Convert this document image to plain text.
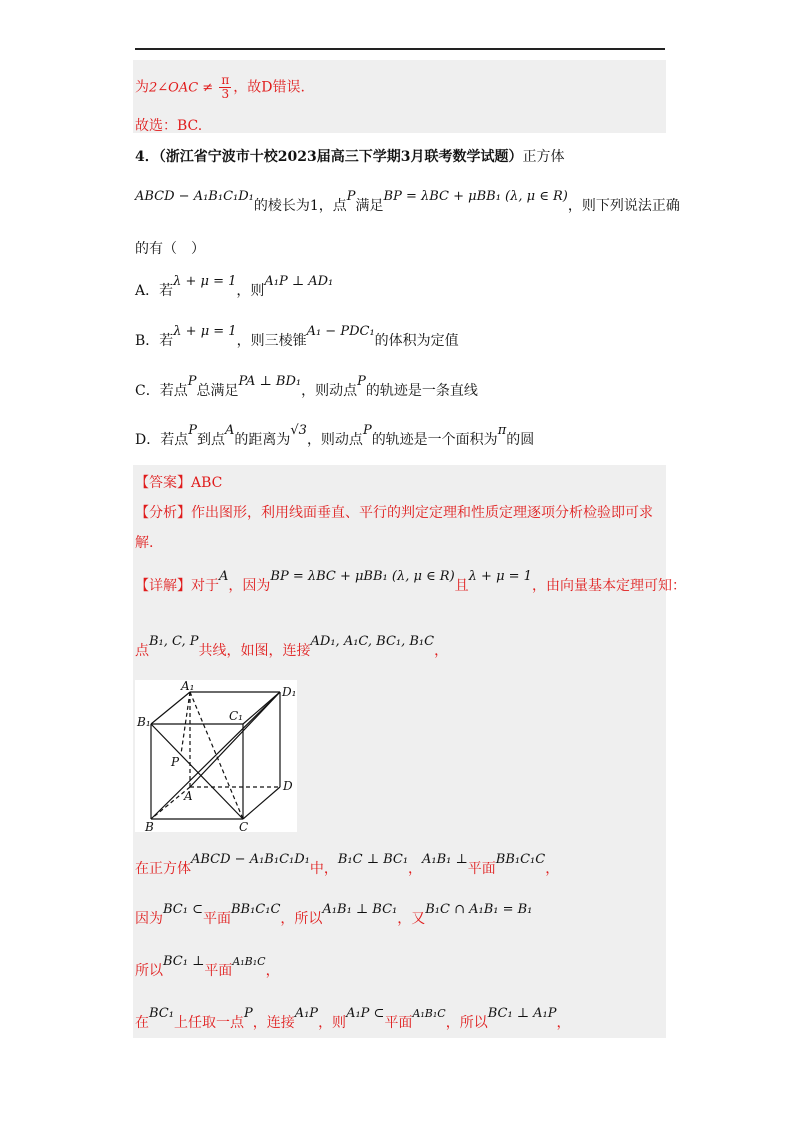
为2∠OAC ≠ $\frac{\pi}{3}$ ，故D错误.
故选：BC.
4．（浙江省宁波市十校2023届高三下学期3月联考数学试题）正方体
ABCD − A₁B₁C₁D₁的棱长为1，点P满足BP = λBC + μBB₁ (λ, μ ∈ R)，则下列说法正确
的有（　）
A．若λ + μ = 1，则A₁P ⊥ AD₁
B．若λ + μ = 1，则三棱锥A₁ − PDC₁的体积为定值
C．若点P总满足PA ⊥ BD₁，则动点P的轨迹是一条直线
D．若点P到点A的距离为√3，则动点P的轨迹是一个面积为π的圆
【答案】ABC
【分析】作出图形，利用线面垂直、平行的判定定理和性质定理逐项分析检验即可求
解.
【详解】对于A，因为BP = λBC + μBB₁ (λ, μ ∈ R)且λ + μ = 1，由向量基本定理可知：
点B₁, C, P共线，如图，连接AD₁, A₁C, BC₁, B₁C，
A₁	D₁
B₁	C₁
P
A
D
B	C
在正方体ABCD − A₁B₁C₁D₁中，B₁C ⊥ BC₁，A₁B₁ ⊥平面BB₁C₁C，
因为BC₁ ⊂平面BB₁C₁C，所以A₁B₁ ⊥ BC₁，又B₁C ∩ A₁B₁ = B₁
所以BC₁ ⊥平面$^{A_1B_1C}$，
在BC₁上任取一点P，连接A₁P，则A₁P ⊂平面$^{A_1B_1C}$，所以BC₁ ⊥ A₁P，
